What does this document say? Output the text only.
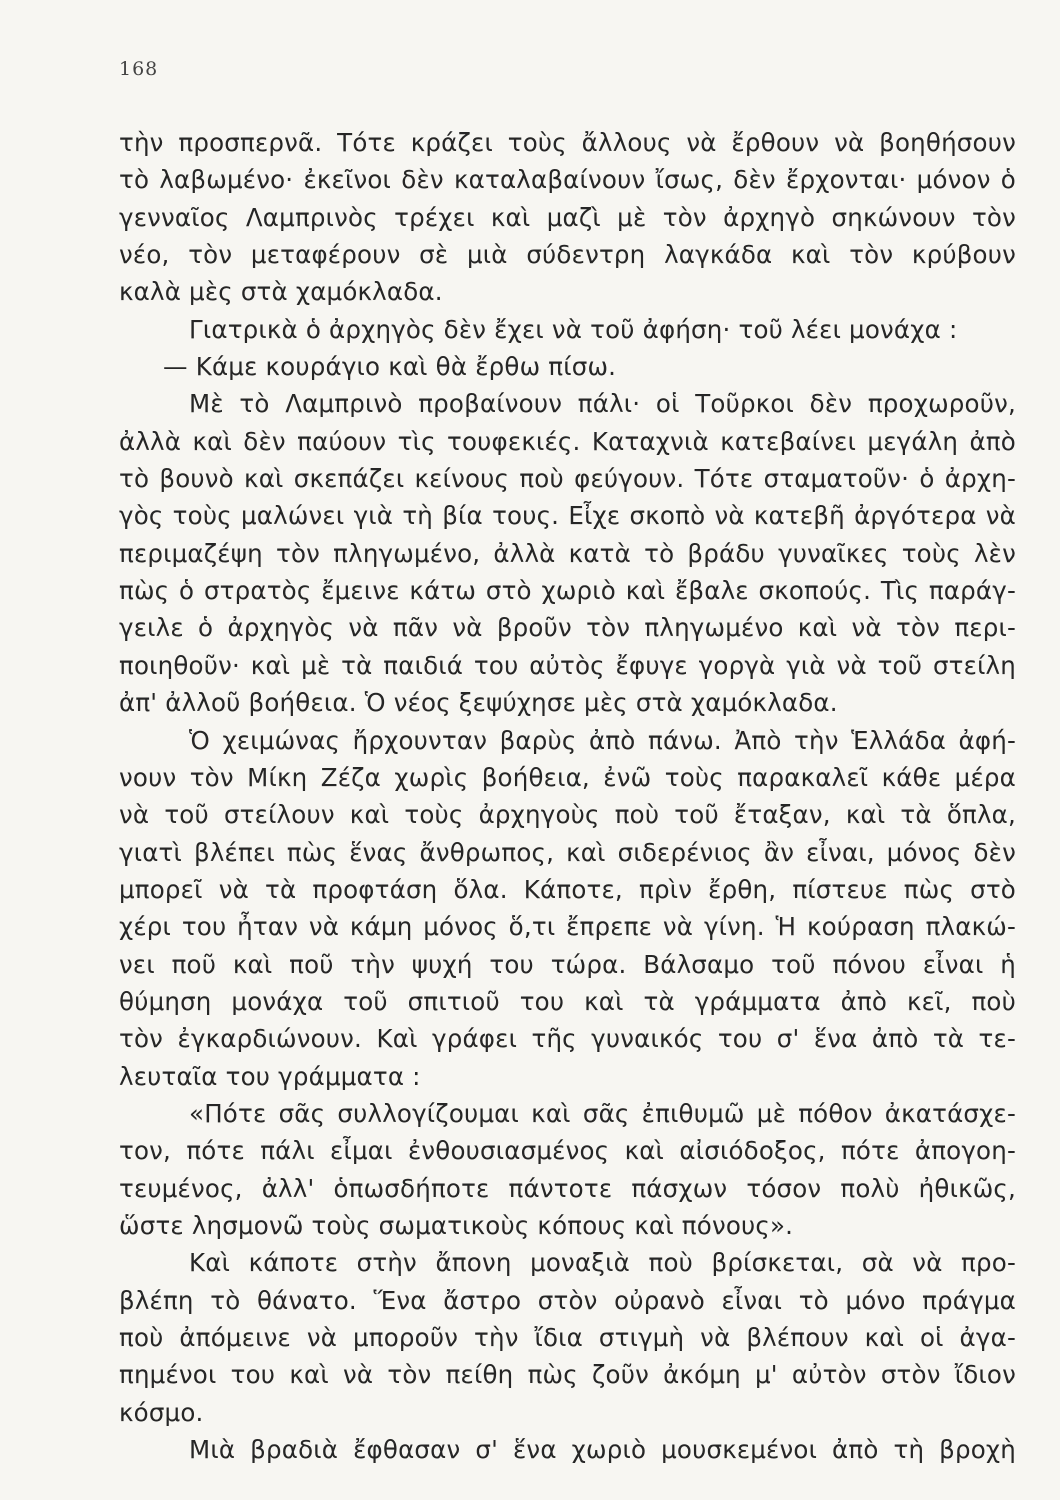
168
τὴν προσπερνᾶ. Τότε κράζει τοὺς ἄλλους νὰ ἔρθουν νὰ βοηθήσουν
τὸ λαβωμένο· ἐκεῖνοι δὲν καταλαβαίνουν ἴσως, δὲν ἔρχονται· μόνον ὁ
γενναῖος Λαμπρινὸς τρέχει καὶ μαζὶ μὲ τὸν ἀρχηγὸ σηκώνουν τὸν
νέο, τὸν μεταφέρουν σὲ μιὰ σύδεντρη λαγκάδα καὶ τὸν κρύβουν
καλὰ μὲς στὰ χαμόκλαδα.
Γιατρικὰ ὁ ἀρχηγὸς δὲν ἔχει νὰ τοῦ ἀφήση· τοῦ λέει μονάχα :
— Κάμε κουράγιο καὶ θὰ ἔρθω πίσω.
Μὲ τὸ Λαμπρινὸ προβαίνουν πάλι· οἱ Τοῦρκοι δὲν προχωροῦν,
ἀλλὰ καὶ δὲν παύουν τὶς τουφεκιές. Καταχνιὰ κατεβαίνει μεγάλη ἀπὸ
τὸ βουνὸ καὶ σκεπάζει κείνους ποὺ φεύγουν. Τότε σταματοῦν· ὁ ἀρχη-
γὸς τοὺς μαλώνει γιὰ τὴ βία τους. Εἶχε σκοπὸ νὰ κατεβῆ ἀργότερα νὰ
περιμαζέψη τὸν πληγωμένο, ἀλλὰ κατὰ τὸ βράδυ γυναῖκες τοὺς λὲν
πὼς ὁ στρατὸς ἔμεινε κάτω στὸ χωριὸ καὶ ἔβαλε σκοπούς. Τὶς παράγ-
γειλε ὁ ἀρχηγὸς νὰ πᾶν νὰ βροῦν τὸν πληγωμένο καὶ νὰ τὸν περι-
ποιηθοῦν· καὶ μὲ τὰ παιδιά του αὐτὸς ἔφυγε γοργὰ γιὰ νὰ τοῦ στείλη
ἀπ' ἀλλοῦ βοήθεια. Ὁ νέος ξεψύχησε μὲς στὰ χαμόκλαδα.
Ὁ χειμώνας ἤρχουνταν βαρὺς ἀπὸ πάνω. Ἀπὸ τὴν Ἑλλάδα ἀφή-
νουν τὸν Μίκη Ζέζα χωρὶς βοήθεια, ἐνῶ τοὺς παρακαλεῖ κάθε μέρα
νὰ τοῦ στείλουν καὶ τοὺς ἀρχηγοὺς ποὺ τοῦ ἔταξαν, καὶ τὰ ὅπλα,
γιατὶ βλέπει πὼς ἕνας ἄνθρωπος, καὶ σιδερένιος ἂν εἶναι, μόνος δὲν
μπορεῖ νὰ τὰ προφτάση ὅλα. Κάποτε, πρὶν ἔρθη, πίστευε πὼς στὸ
χέρι του ἦταν νὰ κάμη μόνος ὅ,τι ἔπρεπε νὰ γίνη. Ἡ κούραση πλακώ-
νει ποῦ καὶ ποῦ τὴν ψυχή του τώρα. Βάλσαμο τοῦ πόνου εἶναι ἡ
θύμηση μονάχα τοῦ σπιτιοῦ του καὶ τὰ γράμματα ἀπὸ κεῖ, ποὺ
τὸν ἐγκαρδιώνουν. Καὶ γράφει τῆς γυναικός του σ' ἕνα ἀπὸ τὰ τε-
λευταῖα του γράμματα :
«Πότε σᾶς συλλογίζουμαι καὶ σᾶς ἐπιθυμῶ μὲ πόθον ἀκατάσχε-
τον, πότε πάλι εἶμαι ἐνθουσιασμένος καὶ αἰσιόδοξος, πότε ἀπογοη-
τευμένος, ἀλλ' ὁπωσδήποτε πάντοτε πάσχων τόσον πολὺ ἠθικῶς,
ὥστε λησμονῶ τοὺς σωματικοὺς κόπους καὶ πόνους».
Καὶ κάποτε στὴν ἄπονη μοναξιὰ ποὺ βρίσκεται, σὰ νὰ προ-
βλέπη τὸ θάνατο. Ἕνα ἄστρο στὸν οὐρανὸ εἶναι τὸ μόνο πράγμα
ποὺ ἀπόμεινε νὰ μποροῦν τὴν ἴδια στιγμὴ νὰ βλέπουν καὶ οἱ ἀγα-
πημένοι του καὶ νὰ τὸν πείθη πὼς ζοῦν ἀκόμη μ' αὐτὸν στὸν ἴδιον
κόσμο.
Μιὰ βραδιὰ ἔφθασαν σ' ἕνα χωριὸ μουσκεμένοι ἀπὸ τὴ βροχὴ
